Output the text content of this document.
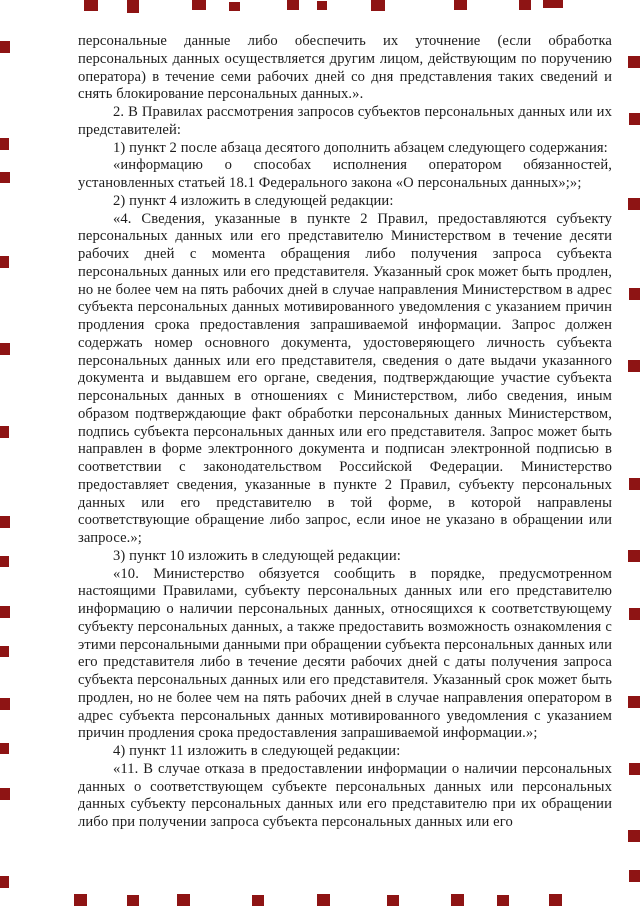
персональные данные либо обеспечить их уточнение (если обработка персональных данных осуществляется другим лицом, действующим по поручению оператора) в течение семи рабочих дней со дня представления таких сведений и снять блокирование персональных данных.».

2. В Правилах рассмотрения запросов субъектов персональных данных или их представителей:

1) пункт 2 после абзаца десятого дополнить абзацем следующего содержания:

«информацию о способах исполнения оператором обязанностей, установленных статьей 18.1 Федерального закона «О персональных данных»;»;

2) пункт 4 изложить в следующей редакции:

«4. Сведения, указанные в пункте 2 Правил, предоставляются субъекту персональных данных или его представителю Министерством в течение десяти рабочих дней с момента обращения либо получения запроса субъекта персональных данных или его представителя. Указанный срок может быть продлен, но не более чем на пять рабочих дней в случае направления Министерством в адрес субъекта персональных данных мотивированного уведомления с указанием причин продления срока предоставления запрашиваемой информации. Запрос должен содержать номер основного документа, удостоверяющего личность субъекта персональных данных или его представителя, сведения о дате выдачи указанного документа и выдавшем его органе, сведения, подтверждающие участие субъекта персональных данных в отношениях с Министерством, либо сведения, иным образом подтверждающие факт обработки персональных данных Министерством, подпись субъекта персональных данных или его представителя. Запрос может быть направлен в форме электронного документа и подписан электронной подписью в соответствии с законодательством Российской Федерации. Министерство предоставляет сведения, указанные в пункте 2 Правил, субъекту персональных данных или его представителю в той форме, в которой направлены соответствующие обращение либо запрос, если иное не указано в обращении или запросе.»;

3) пункт 10 изложить в следующей редакции:

«10. Министерство обязуется сообщить в порядке, предусмотренном настоящими Правилами, субъекту персональных данных или его представителю информацию о наличии персональных данных, относящихся к соответствующему субъекту персональных данных, а также предоставить возможность ознакомления с этими персональными данными при обращении субъекта персональных данных или его представителя либо в течение десяти рабочих дней с даты получения запроса субъекта персональных данных или его представителя. Указанный срок может быть продлен, но не более чем на пять рабочих дней в случае направления оператором в адрес субъекта персональных данных мотивированного уведомления с указанием причин продления срока предоставления запрашиваемой информации.»;

4) пункт 11 изложить в следующей редакции:

«11. В случае отказа в предоставлении информации о наличии персональных данных о соответствующем субъекте персональных данных или персональных данных субъекту персональных данных или его представителю при их обращении либо при получении запроса субъекта персональных данных или его
